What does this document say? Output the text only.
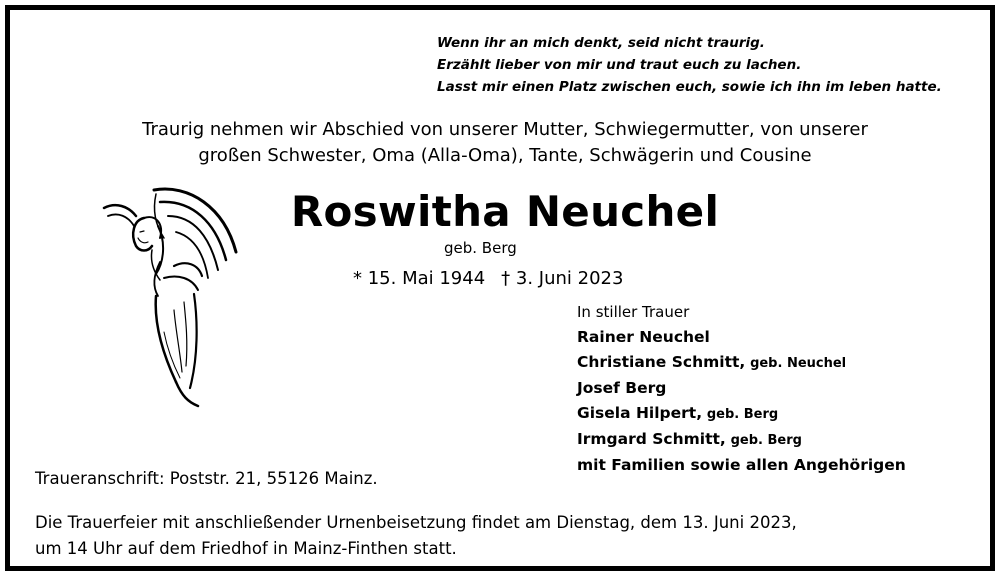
Wenn ihr an mich denkt, seid nicht traurig.
Erzählt lieber von mir und traut euch zu lachen.
Lasst mir einen Platz zwischen euch, sowie ich ihn im leben hatte.
Traurig nehmen wir Abschied von unserer Mutter, Schwiegermutter, von unserer
großen Schwester, Oma (Alla-Oma), Tante, Schwägerin und Cousine
Roswitha Neuchel
geb. Berg
* 15. Mai 1944 † 3. Juni 2023
In stiller Trauer
Rainer Neuchel
Christiane Schmitt, geb. Neuchel
Josef Berg
Gisela Hilpert, geb. Berg
Irmgard Schmitt, geb. Berg
mit Familien sowie allen Angehörigen
Traueranschrift: Poststr. 21, 55126 Mainz.
Die Trauerfeier mit anschließender Urnenbeisetzung findet am Dienstag, dem 13. Juni 2023,
um 14 Uhr auf dem Friedhof in Mainz-Finthen statt.
